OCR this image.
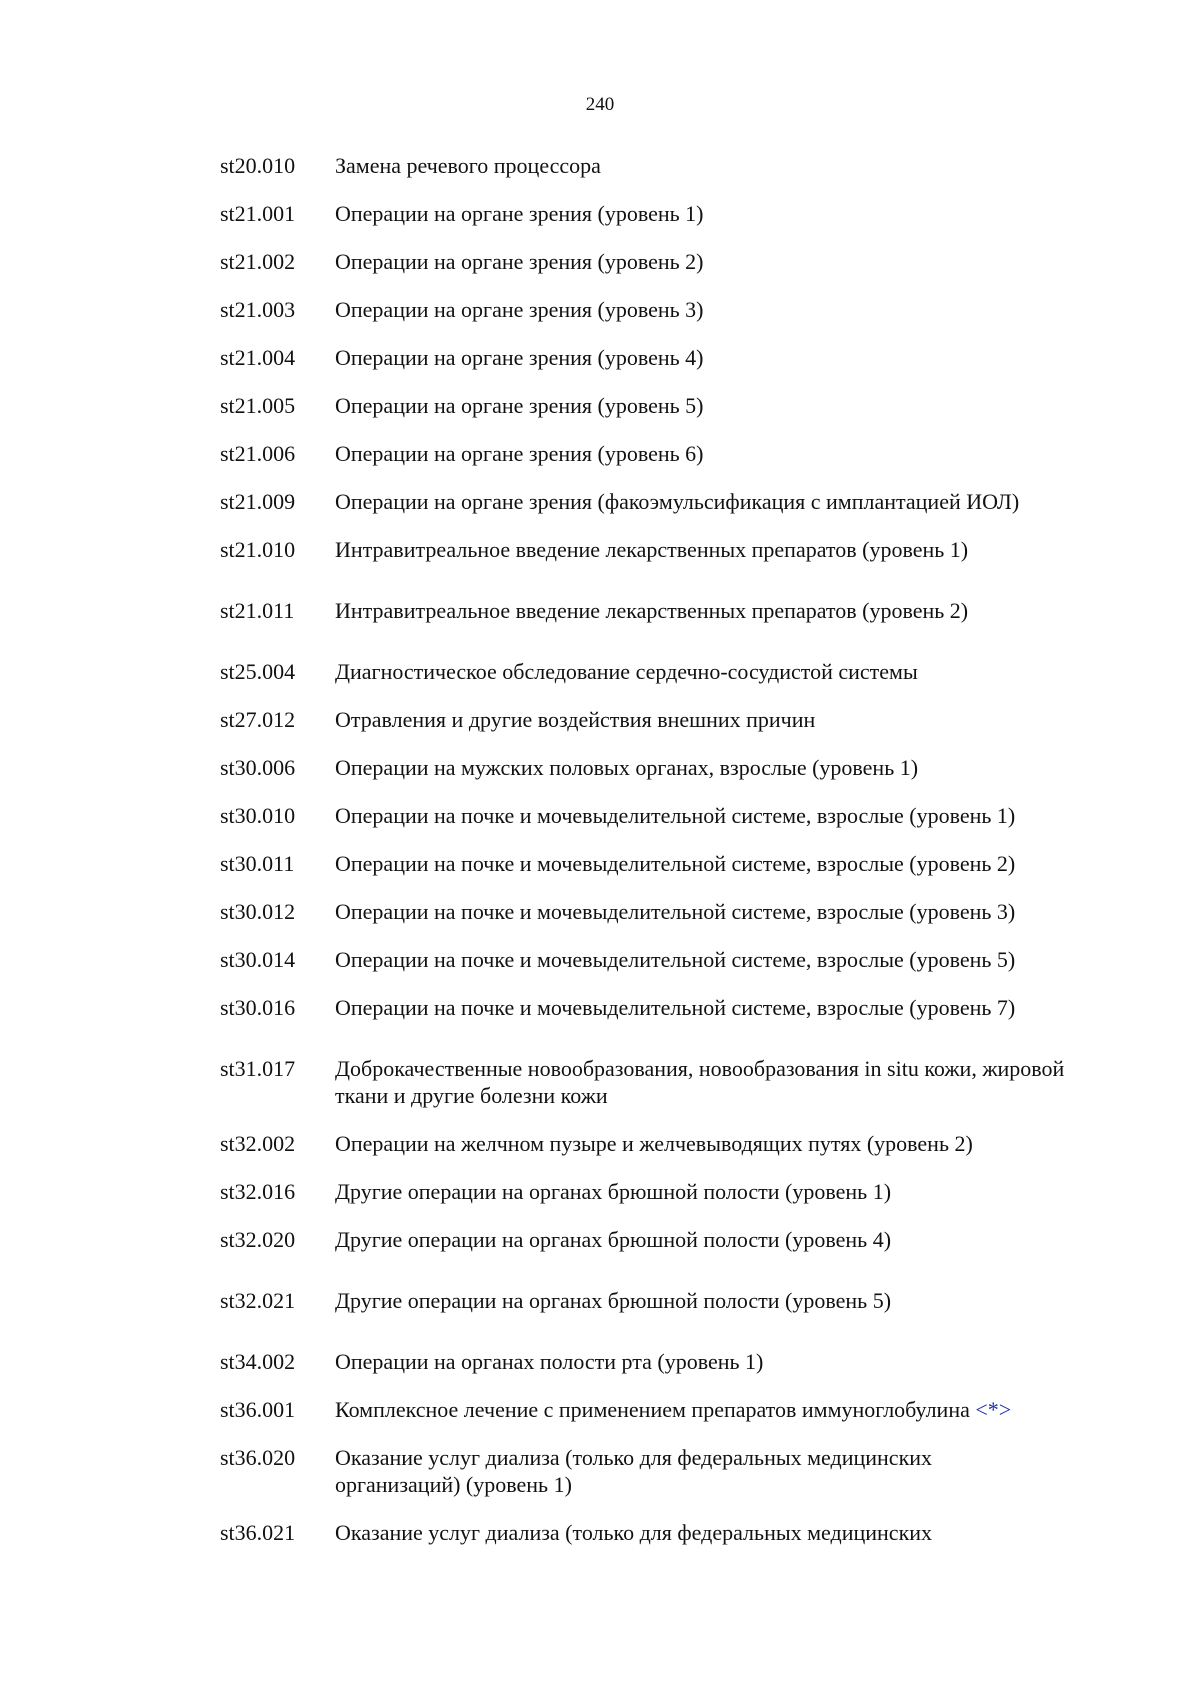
240
st20.010 Замена речевого процессора
st21.001 Операции на органе зрения (уровень 1)
st21.002 Операции на органе зрения (уровень 2)
st21.003 Операции на органе зрения (уровень 3)
st21.004 Операции на органе зрения (уровень 4)
st21.005 Операции на органе зрения (уровень 5)
st21.006 Операции на органе зрения (уровень 6)
st21.009 Операции на органе зрения (факоэмульсификация с имплантацией ИОЛ)
st21.010 Интравитреальное введение лекарственных препаратов (уровень 1)
st21.011 Интравитреальное введение лекарственных препаратов (уровень 2)
st25.004 Диагностическое обследование сердечно-сосудистой системы
st27.012 Отравления и другие воздействия внешних причин
st30.006 Операции на мужских половых органах, взрослые (уровень 1)
st30.010 Операции на почке и мочевыделительной системе, взрослые (уровень 1)
st30.011 Операции на почке и мочевыделительной системе, взрослые (уровень 2)
st30.012 Операции на почке и мочевыделительной системе, взрослые (уровень 3)
st30.014 Операции на почке и мочевыделительной системе, взрослые (уровень 5)
st30.016 Операции на почке и мочевыделительной системе, взрослые (уровень 7)
st31.017 Доброкачественные новообразования, новообразования in situ кожи, жировой ткани и другие болезни кожи
st32.002 Операции на желчном пузыре и желчевыводящих путях (уровень 2)
st32.016 Другие операции на органах брюшной полости (уровень 1)
st32.020 Другие операции на органах брюшной полости (уровень 4)
st32.021 Другие операции на органах брюшной полости (уровень 5)
st34.002 Операции на органах полости рта (уровень 1)
st36.001 Комплексное лечение с применением препаратов иммуноглобулина <*>
st36.020 Оказание услуг диализа (только для федеральных медицинских организаций) (уровень 1)
st36.021 Оказание услуг диализа (только для федеральных медицинских
